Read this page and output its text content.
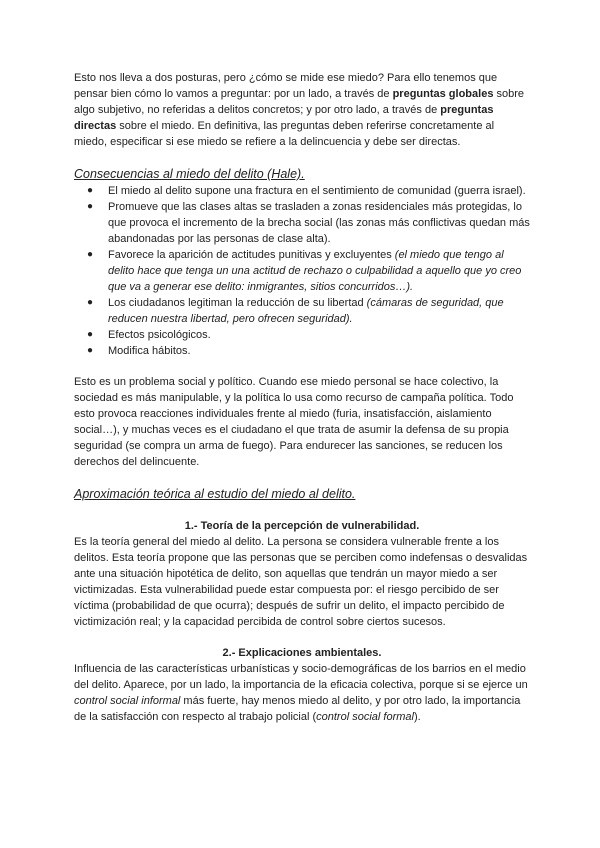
Esto nos lleva a dos posturas, pero ¿cómo se mide ese miedo? Para ello tenemos que pensar bien cómo lo vamos a preguntar: por un lado, a través de preguntas globales sobre algo subjetivo, no referidas a delitos concretos; y por otro lado, a través de preguntas directas sobre el miedo. En definitiva, las preguntas deben referirse concretamente al miedo, especificar si ese miedo se refiere a la delincuencia y debe ser directas.

Consecuencias al miedo del delito (Hale).
● El miedo al delito supone una fractura en el sentimiento de comunidad (guerra israel).
● Promueve que las clases altas se trasladen a zonas residenciales más protegidas, lo que provoca el incremento de la brecha social (las zonas más conflictivas quedan más abandonadas por las personas de clase alta).
● Favorece la aparición de actitudes punitivas y excluyentes (el miedo que tengo al delito hace que tenga un una actitud de rechazo o culpabilidad a aquello que yo creo que va a generar ese delito: inmigrantes, sitios concurridos…).
● Los ciudadanos legitiman la reducción de su libertad (cámaras de seguridad, que reducen nuestra libertad, pero ofrecen seguridad).
● Efectos psicológicos.
● Modifica hábitos.

Esto es un problema social y político. Cuando ese miedo personal se hace colectivo, la sociedad es más manipulable, y la política lo usa como recurso de campaña política. Todo esto provoca reacciones individuales frente al miedo (furia, insatisfacción, aislamiento social…), y muchas veces es el ciudadano el que trata de asumir la defensa de su propia seguridad (se compra un arma de fuego). Para endurecer las sanciones, se reducen los derechos del delincuente.

Aproximación teórica al estudio del miedo al delito.
1.- Teoría de la percepción de vulnerabilidad.

Es la teoría general del miedo al delito. La persona se considera vulnerable frente a los delitos. Esta teoría propone que las personas que se perciben como indefensas o desvalidas ante una situación hipotética de delito, son aquellas que tendrán un mayor miedo a ser victimizadas. Esta vulnerabilidad puede estar compuesta por: el riesgo percibido de ser víctima (probabilidad de que ocurra); después de sufrir un delito, el impacto percibido de victimización real; y la capacidad percibida de control sobre ciertos sucesos.

2.- Explicaciones ambientales.

Influencia de las características urbanísticas y socio-demográficas de los barrios en el medio del delito. Aparece, por un lado, la importancia de la eficacia colectiva, porque si se ejerce un control social informal más fuerte, hay menos miedo al delito, y por otro lado, la importancia de la satisfacción con respecto al trabajo policial (control social formal).
